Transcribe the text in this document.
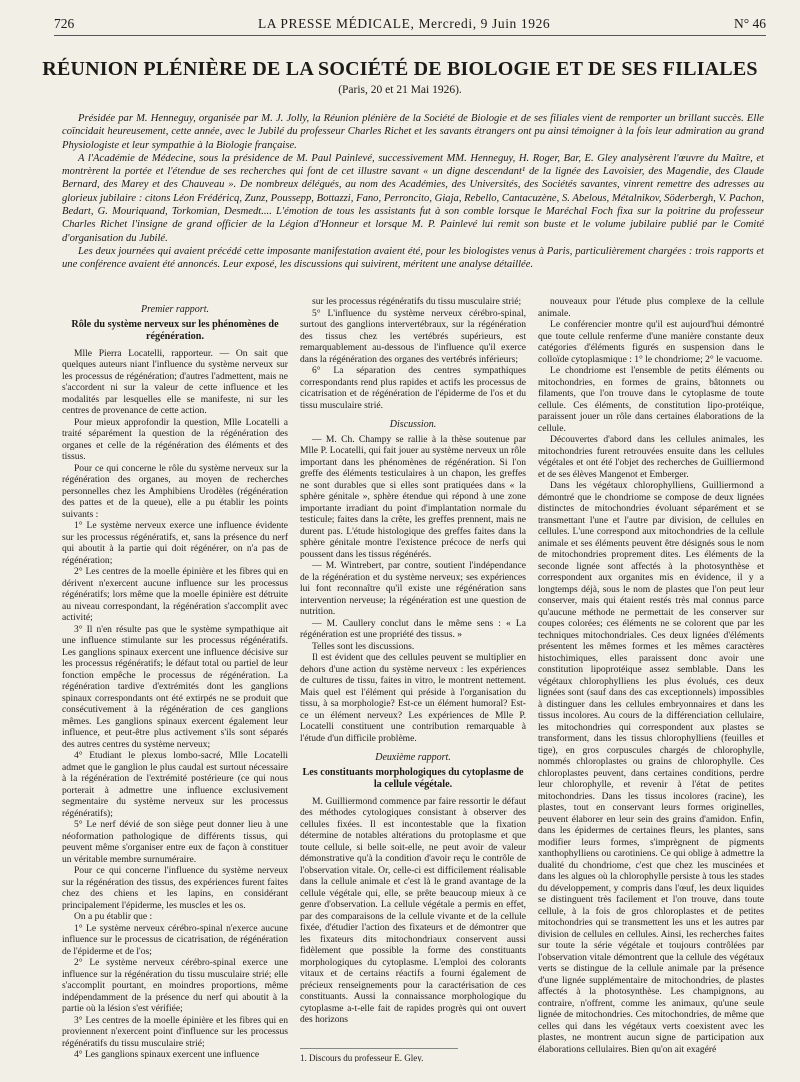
726	LA PRESSE MÉDICALE, Mercredi, 9 Juin 1926	N° 46
RÉUNION PLÉNIÈRE DE LA SOCIÉTÉ DE BIOLOGIE ET DE SES FILIALES
(Paris, 20 et 21 Mai 1926).

Présidée par M. Henneguy, organisée par M. J. Jolly, la Réunion plénière de la Société de Biologie et de ses filiales vient de remporter un brillant succès. Elle coïncidait heureusement, cette année, avec le Jubilé du professeur Charles Richet et les savants étrangers ont pu ainsi témoigner à la fois leur admiration au grand Physiologiste et leur sympathie à la Biologie française.

A l'Académie de Médecine, sous la présidence de M. Paul Painlevé, successivement MM. Henneguy, H. Roger, Bar, E. Gley analysèrent l'œuvre du Maître, et montrèrent la portée et l'étendue de ses recherches qui font de cet illustre savant « un digne descendant¹ de la lignée des Lavoisier, des Magendie, des Claude Bernard, des Marey et des Chauveau ». De nombreux délégués, au nom des Académies, des Universités, des Sociétés savantes, vinrent remettre des adresses au glorieux jubilaire : citons Léon Frédéricq, Zunz, Poussepp, Bottazzi, Fano, Perroncito, Giaja, Rebello, Cantacuzène, S. Abelous, Métalnikov, Söderbergh, V. Pachon, Bedart, G. Mouriquand, Torkomian, Desmedt.... L'émotion de tous les assistants fut à son comble lorsque le Maréchal Foch fixa sur la poitrine du professeur Charles Richet l'insigne de grand officier de la Légion d'Honneur et lorsque M. P. Painlevé lui remit son buste et le volume jubilaire publié par le Comité d'organisation du Jubilé.

Les deux journées qui avaient précédé cette imposante manifestation avaient été, pour les biologistes venus à Paris, particulièrement chargées : trois rapports et une conférence avaient été annoncés. Leur exposé, les discussions qui suivirent, méritent une analyse détaillée.

Premier rapport.
Rôle du système nerveux sur les phénomènes de régénération.

Mlle Pierra Locatelli, rapporteur. — On sait que quelques auteurs niant l'influence du système nerveux sur les processus de régénération; d'autres l'admettent, mais ne s'accordent ni sur la valeur de cette influence et les modalités par lesquelles elle se manifeste, ni sur les centres de provenance de cette action.

Pour mieux approfondir la question, Mlle Locatelli a traité séparément la question de la régénération des organes et celle de la régénération des éléments et des tissus.

Pour ce qui concerne le rôle du système nerveux sur la régénération des organes, au moyen de recherches personnelles chez les Amphibiens Urodèles (régénération des pattes et de la queue), elle a pu établir les points suivants :

1° Le système nerveux exerce une influence évidente sur les processus régénératifs, et, sans la présence du nerf qui aboutit à la partie qui doit régénérer, on n'a pas de régénération;

2° Les centres de la moelle épinière et les fibres qui en dérivent n'exercent aucune influence sur les processus régénératifs; lors même que la moelle épinière est détruite au niveau correspondant, la régénération s'accomplit avec activité;

3° Il n'en résulte pas que le système sympathique ait une influence stimulante sur les processus régénératifs. Les ganglions spinaux exercent une influence décisive sur les processus régénératifs; le défaut total ou partiel de leur fonction empêche le processus de régénération. La régénération tardive d'extrémités dont les ganglions spinaux correspondants ont été extirpés ne se produit que consécutivement à la régénération de ces ganglions mêmes. Les ganglions spinaux exercent également leur influence, et peut-être plus activement s'ils sont séparés des autres centres du système nerveux;

4° Etudiant le plexus lombo-sacré, Mlle Locatelli admet que le ganglion le plus caudal est surtout nécessaire à la régénération de l'extrémité postérieure (ce qui nous porterait à admettre une influence exclusivement segmentaire du système nerveux sur les processus régénératifs);

5° Le nerf dévié de son siège peut donner lieu à une néoformation pathologique de différents tissus, qui peuvent même s'organiser entre eux de façon à constituer un véritable membre surnuméraire.

Pour ce qui concerne l'influence du système nerveux sur la régénération des tissus, des expériences furent faites chez des chiens et les lapins, en considérant principalement l'épiderme, les muscles et les os.

On a pu établir que :

1° Le système nerveux cérébro-spinal n'exerce aucune influence sur le processus de cicatrisation, de régénération de l'épiderme et de l'os;

2° Le système nerveux cérébro-spinal exerce une influence sur la régénération du tissu musculaire strié; elle s'accomplit pourtant, en moindres proportions, même indépendamment de la présence du nerf qui aboutit à la partie où la lésion s'est vérifiée;

3° Les centres de la moelle épinière et les fibres qui en proviennent n'exercent point d'influence sur les processus régénératifs du tissu musculaire strié;

4° Les ganglions spinaux exercent une influence

sur les processus régénératifs du tissu musculaire strié;

5° L'influence du système nerveux cérébro-spinal, surtout des ganglions intervertébraux, sur la régénération des tissus chez les vertébrés supérieurs, est remarquablement au-dessous de l'influence qu'il exerce dans la régénération des organes des vertébrés inférieurs;

6° La séparation des centres sympathiques correspondants rend plus rapides et actifs les processus de cicatrisation et de régénération de l'épiderme de l'os et du tissu musculaire strié.

Discussion.

— M. Ch. Champy se rallie à la thèse soutenue par Mlle P. Locatelli, qui fait jouer au système nerveux un rôle important dans les phénomènes de régénération. Si l'on greffe des éléments testiculaires à un chapon, les greffes ne sont durables que si elles sont pratiquées dans « la sphère génitale », sphère étendue qui répond à une zone importante irradiant du point d'implantation normale du testicule; faites dans la crête, les greffes prennent, mais ne durent pas. L'étude histologique des greffes faites dans la sphère génitale montre l'existence précoce de nerfs qui poussent dans les tissus régénérés.

— M. Wintrebert, par contre, soutient l'indépendance de la régénération et du système nerveux; ses expériences lui font reconnaître qu'il existe une régénération sans intervention nerveuse; la régénération est une question de nutrition.

— M. Caullery conclut dans le même sens : « La régénération est une propriété des tissus. »

Telles sont les discussions.

Il est évident que des cellules peuvent se multiplier en dehors d'une action du système nerveux : les expériences de cultures de tissu, faites in vitro, le montrent nettement. Mais quel est l'élément qui préside à l'organisation du tissu, à sa morphologie? Est-ce un élément humoral? Est-ce un élément nerveux? Les expériences de Mlle P. Locatelli constituent une contribution remarquable à l'étude d'un difficile problème.

Deuxième rapport.
Les constituants morphologiques du cytoplasme de la cellule végétale.

M. Guilliermond commence par faire ressortir le défaut des méthodes cytologiques consistant à observer des cellules fixées. Il est incontestable que la fixation détermine de notables altérations du protoplasme et que toute cellule, si belle soit-elle, ne peut avoir de valeur démonstrative qu'à la condition d'avoir reçu le contrôle de l'observation vitale. Or, celle-ci est difficilement réalisable dans la cellule animale et c'est là le grand avantage de la cellule végétale qui, elle, se prête beaucoup mieux à ce genre d'observation. La cellule végétale a permis en effet, par des comparaisons de la cellule vivante et de la cellule fixée, d'étudier l'action des fixateurs et de démontrer que les fixateurs dits mitochondriaux conservent aussi fidèlement que possible la forme des constituants morphologiques du cytoplasme. L'emploi des colorants vitaux et de certains réactifs a fourni également de précieux renseignements pour la caractérisation de ces constituants. Aussi la connaissance morphologique du cytoplasme a-t-elle fait de rapides progrès qui ont ouvert des horizons

1. Discours du professeur E. Gley.

nouveaux pour l'étude plus complexe de la cellule animale.

Le conférencier montre qu'il est aujourd'hui démontré que toute cellule renferme d'une manière constante deux catégories d'éléments figurés en suspension dans le colloïde cytoplasmique : 1° le chondriome; 2° le vacuome.

Le chondriome est l'ensemble de petits éléments ou mitochondries, en formes de grains, bâtonnets ou filaments, que l'on trouve dans le cytoplasme de toute cellule. Ces éléments, de constitution lipo-protéique, paraissent jouer un rôle dans certaines élaborations de la cellule.

Découvertes d'abord dans les cellules animales, les mitochondries furent retrouvées ensuite dans les cellules végétales et ont été l'objet des recherches de Guilliermond et de ses élèves Mangenot et Emberger.

Dans les végétaux chlorophylliens, Guilliermond a démontré que le chondriome se compose de deux lignées distinctes de mitochondries évoluant séparément et se transmettant l'une et l'autre par division, de cellules en cellules. L'une correspond aux mitochondries de la cellule animale et ses éléments peuvent être désignés sous le nom de mitochondries proprement dites. Les éléments de la seconde lignée sont affectés à la photosynthèse et correspondent aux organites mis en évidence, il y a longtemps déjà, sous le nom de plastes que l'on peut leur conserver, mais qui étaient restés très mal connus parce qu'aucune méthode ne permettait de les conserver sur coupes colorées; ces éléments ne se colorent que par les techniques mitochondriales. Ces deux lignées d'éléments présentent les mêmes formes et les mêmes caractères histochimiques, elles paraissent donc avoir une constitution lipoprotéique assez semblable. Dans les végétaux chlorophylliens les plus évolués, ces deux lignées sont (sauf dans des cas exceptionnels) impossibles à distinguer dans les cellules embryonnaires et dans les tissus incolores. Au cours de la différenciation cellulaire, les mitochondries qui correspondent aux plastes se transforment, dans les tissus chlorophylliens (feuilles et tige), en gros corpuscules chargés de chlorophylle, nommés chloroplastes ou grains de chlorophylle. Ces chloroplastes peuvent, dans certaines conditions, perdre leur chlorophylle, et revenir à l'état de petites mitochondries. Dans les tissus incolores (racine), les plastes, tout en conservant leurs formes originelles, peuvent élaborer en leur sein des grains d'amidon. Enfin, dans les épidermes de certaines fleurs, les plantes, sans modifier leurs formes, s'imprègnent de pigments xanthophylliens ou carotiniens. Ce qui oblige à admettre la dualité du chondriome, c'est que chez les muscinées et dans les algues où la chlorophylle persiste à tous les stades du développement, y compris dans l'œuf, les deux liquides se distinguent très facilement et l'on trouve, dans toute cellule, à la fois de gros chloroplastes et de petites mitochondries qui se transmettent les uns et les autres par division de cellules en cellules. Ainsi, les recherches faites sur toute la série végétale et toujours contrôlées par l'observation vitale démontrent que la cellule des végétaux verts se distingue de la cellule animale par la présence d'une lignée supplémentaire de mitochondries, de plastes affectés à la photosynthèse. Les champignons, au contraire, n'offrent, comme les animaux, qu'une seule lignée de mitochondries. Ces mitochondries, de même que celles qui dans les végétaux verts coexistent avec les plastes, ne montrent aucun signe de participation aux élaborations cellulaires. Bien qu'on ait exagéré
